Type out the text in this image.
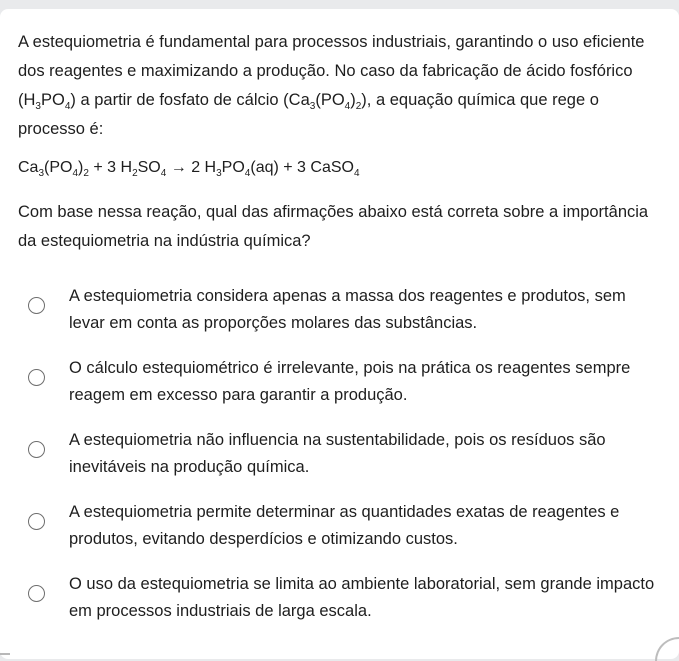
A estequiometria é fundamental para processos industriais, garantindo o uso eficiente dos reagentes e maximizando a produção. No caso da fabricação de ácido fosfórico $(H_3PO_4)$ a partir de fosfato de cálcio $(Ca_3(PO_4)_2)$, a equação química que rege o processo é:

$Ca_3(PO_4)_2 + 3$ $H_2SO_4 \to 2$ $H_3PO_4(aq) + 3$ CaSO$_4$
Com base nessa reação, qual das afirmações abaixo está correta sobre a importância da estequiometria na indústria química?
A estequiometria considera apenas a massa dos reagentes e produtos, sem levar em conta as proporções molares das substâncias.
O cálculo estequiométrico é irrelevante, pois na prática os reagentes sempre reagem em excesso para garantir a produção.
A estequiometria não influencia na sustentabilidade, pois os resíduos são inevitáveis na produção química.
A estequiometria permite determinar as quantidades exatas de reagentes e produtos, evitando desperdícios e otimizando custos.
O uso da estequiometria se limita ao ambiente laboratorial, sem grande impacto em processos industriais de larga escala.
